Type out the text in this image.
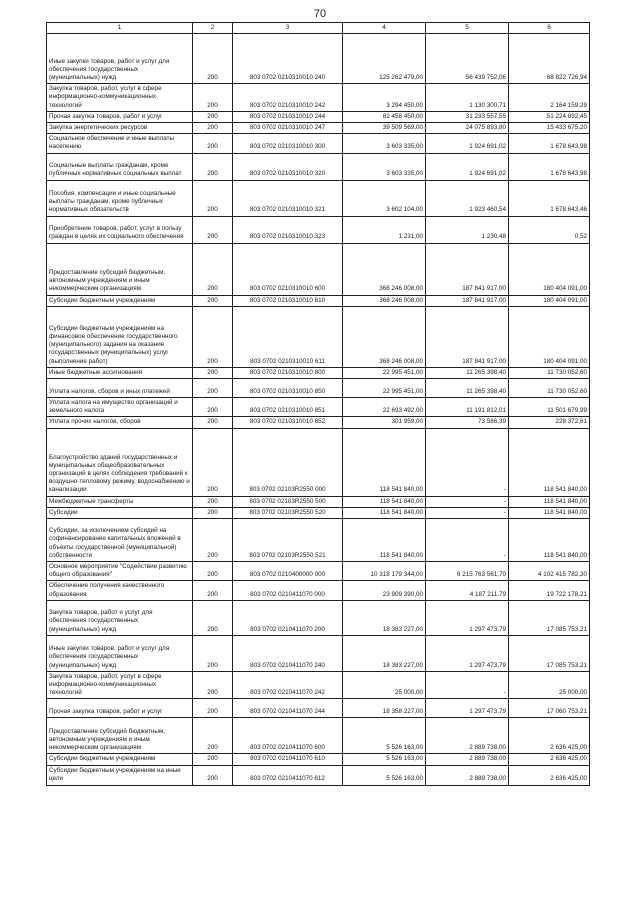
70
1	2	3	4	5	6
Иные закупки товаров, работ и услуг для обеспечения государственных (муниципальных) нужд	200	803 0702 0210310010 240	125 262 479,00	56 439 752,06	68 822 726,94
Закупка товаров, работ, услуг в сфере информационно-коммуникационных технологий	200	803 0702 0210310010 242	3 294 450,00	1 130 300,71	2 164 159,29
Прочая закупка товаров, работ и услуг	200	803 0702 0210310010 244	82 458 450,00	31 233 557,55	51 224 892,45
Закупка энергетических ресурсов	200	803 0702 0210310010 247	39 509 569,00	24 075 893,80	15 433 675,20
Социальное обеспечение и иные выплаты населению	200	803 0702 0210310010 300	3 603 335,00	1 924 691,02	1 678 643,98
Социальные выплаты гражданам, кроме публичных нормативных социальных выплат	200	803 0702 0210310010 320	3 603 335,00	1 924 691,02	1 678 643,98
Пособия, компенсации и иные социальные выплаты гражданам, кроме публичных нормативных обязательств	200	803 0702 0210310010 321	3 602 104,00	1 923 460,54	1 678 643,46
Приобретение товаров, работ, услуг в пользу граждан в целях их социального обеспечения	200	803 0702 0210310010 323	1 231,00	1 230,48	0,52
Предоставление субсидий бюджетным, автономным учреждениям и иным некоммерческим организациям	200	803 0702 0210310010 600	368 246 008,00	187 841 917,00	180 404 091,00
Субсидии бюджетным учреждениям	200	803 0702 0210310010 610	368 246 008,00	187 841 917,00	180 404 091,00
Субсидии бюджетным учреждениям на финансовое обеспечение государственного (муниципального) задания на оказание государственных (муниципальных) услуг (выполнение работ)	200	803 0702 0210310010 611	368 246 008,00	187 841 917,00	180 404 091,00
Иные бюджетные ассигнования	200	803 0702 0210310010 800	22 995 451,00	11 265 398,40	11 730 052,60
Уплата налогов, сборов и иных платежей	200	803 0702 0210310010 850	22 995 451,00	11 265 398,40	11 730 052,60
Уплата налога на имущество организаций и земельного налога	200	803 0702 0210310010 851	22 693 492,00	11 191 812,01	11 501 679,99
Уплата прочих налогов, сборов	200	803 0702 0210310010 852	301 959,00	73 586,39	228 372,61
Благоустройство зданий государственных и муниципальных общеобразовательных организаций в целях соблюдения требований к воздушно-тепловому режиму, водоснабжению и канализации	200	803 0702 02103R2550 000	118 541 840,00	-	118 541 840,00
Межбюджетные трансферты	200	803 0702 02103R2550 500	118 541 840,00	-	118 541 840,00
Субсидии	200	803 0702 02103R2550 520	118 541 840,00	-	118 541 840,00
Субсидии, за исключением субсидий на софинансирование капитальных вложений в объекты государственной (муниципальной) собственности	200	803 0702 02103R2550 521	118 541 840,00	-	118 541 840,00
Основное мероприятие "Содействие развитию общего образования"	200	803 0702 0210400000 000	10 318 179 344,00	6 215 763 561,70	4 102 415 782,30
Обеспечение получения качественного образования	200	803 0702 0210411070 000	23 909 390,00	4 187 211,79	19 722 178,21
Закупка товаров, работ и услуг для обеспечения государственных (муниципальных) нужд	200	803 0702 0210411070 200	18 383 227,00	1 297 473,79	17 085 753,21
Иные закупки товаров, работ и услуг для обеспечения государственных (муниципальных) нужд	200	803 0702 0210411070 240	18 383 227,00	1 297 473,79	17 085 753,21
Закупка товаров, работ, услуг в сфере информационно-коммуникационных технологий	200	803 0702 0210411070 242	25 000,00	-	25 000,00
Прочая закупка товаров, работ и услуг	200	803 0702 0210411070 244	18 358 227,00	1 297 473,79	17 060 753,21
Предоставление субсидий бюджетным, автономным учреждениям и иным некоммерческим организациям	200	803 0702 0210411070 600	5 526 163,00	2 889 738,00	2 636 425,00
Субсидии бюджетным учреждениям	200	803 0702 0210411070 610	5 526 163,00	2 889 738,00	2 636 425,00
Субсидии бюджетным учреждениям на иные цели	200	803 0702 0210411070 612	5 526 163,00	2 889 738,00	2 636 425,00
